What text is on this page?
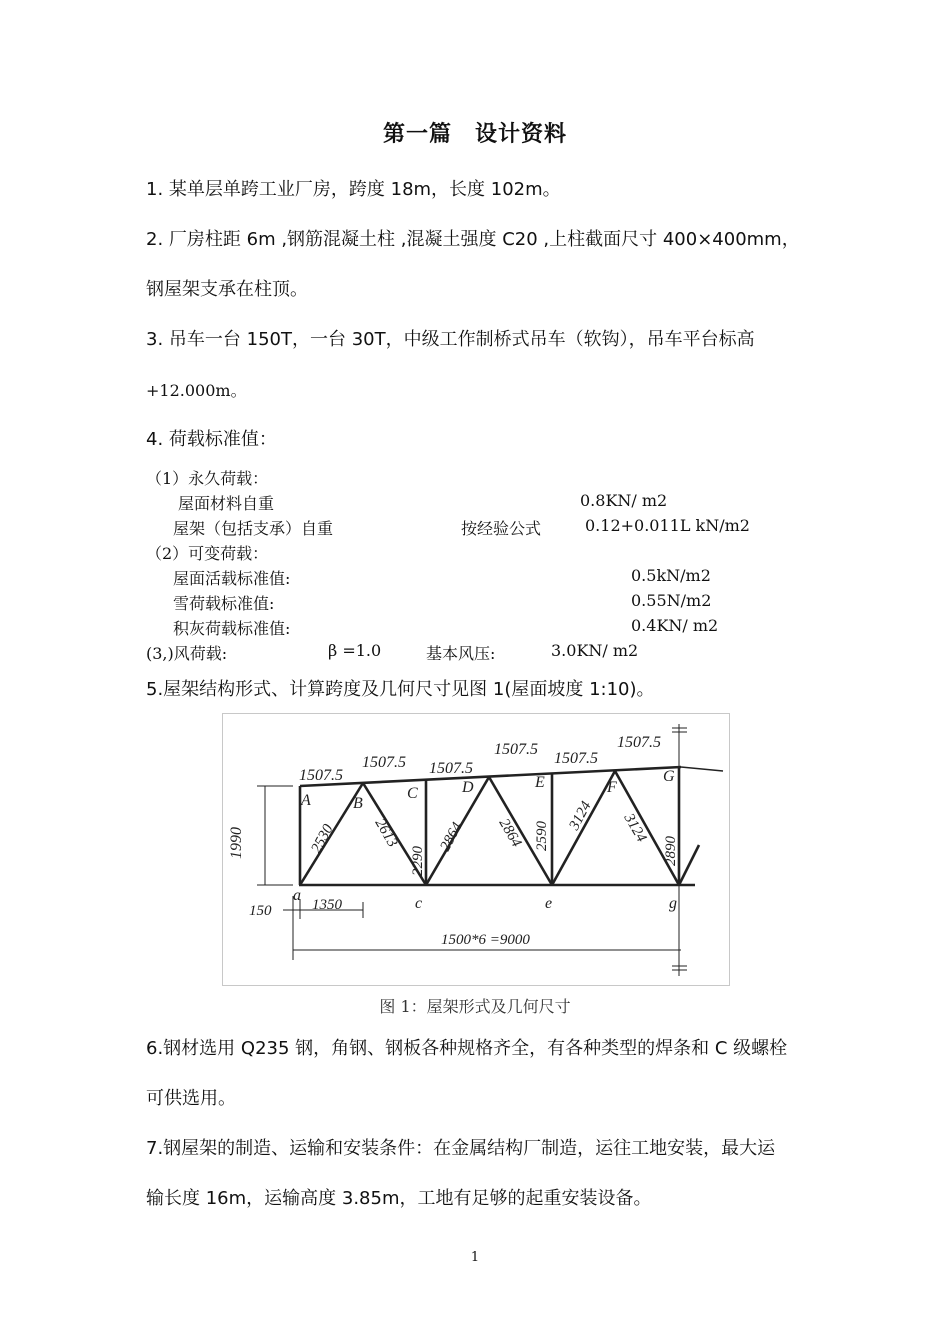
第一篇　设计资料
1. 某单层单跨工业厂房，跨度 18m，长度 102m。
2. 厂房柱距 6m ,钢筋混凝土柱 ,混凝土强度 C20 ,上柱截面尺寸 400×400mm，
钢屋架支承在柱顶。
3. 吊车一台 150T，一台 30T，中级工作制桥式吊车（软钩），吊车平台标高
+12.000m。
4. 荷载标准值：
（1）永久荷载：
屋面材料自重	0.8KN/ m2
屋架（包括支承）自重	按经验公式	0.12+0.011L kN/m2
（2）可变荷载：
屋面活载标准值:	0.5kN/m2
雪荷载标准值:	0.55N/m2
积灰荷载标准值:	0.4KN/ m2
(3,)风荷载:	β =1.0	基本风压:	3.0KN/ m2
5.屋架结构形式、计算跨度及几何尺寸见图 1(屋面坡度 1:10)。
1507.5
1507.5 1507.5
1507.5
1507.5
1507.5
A	B
C	D	E	F
G
a	c	e	g
2530 2613
2290
2864 2864 2590
3124 3124
2890
1990
150	1350
1500*6 =9000
图 1：屋架形式及几何尺寸
6.钢材选用 Q235 钢，角钢、钢板各种规格齐全，有各种类型的焊条和 C 级螺栓
可供选用。
7.钢屋架的制造、运输和安装条件：在金属结构厂制造，运往工地安装，最大运
输长度 16m，运输高度 3.85m，工地有足够的起重安装设备。
1
